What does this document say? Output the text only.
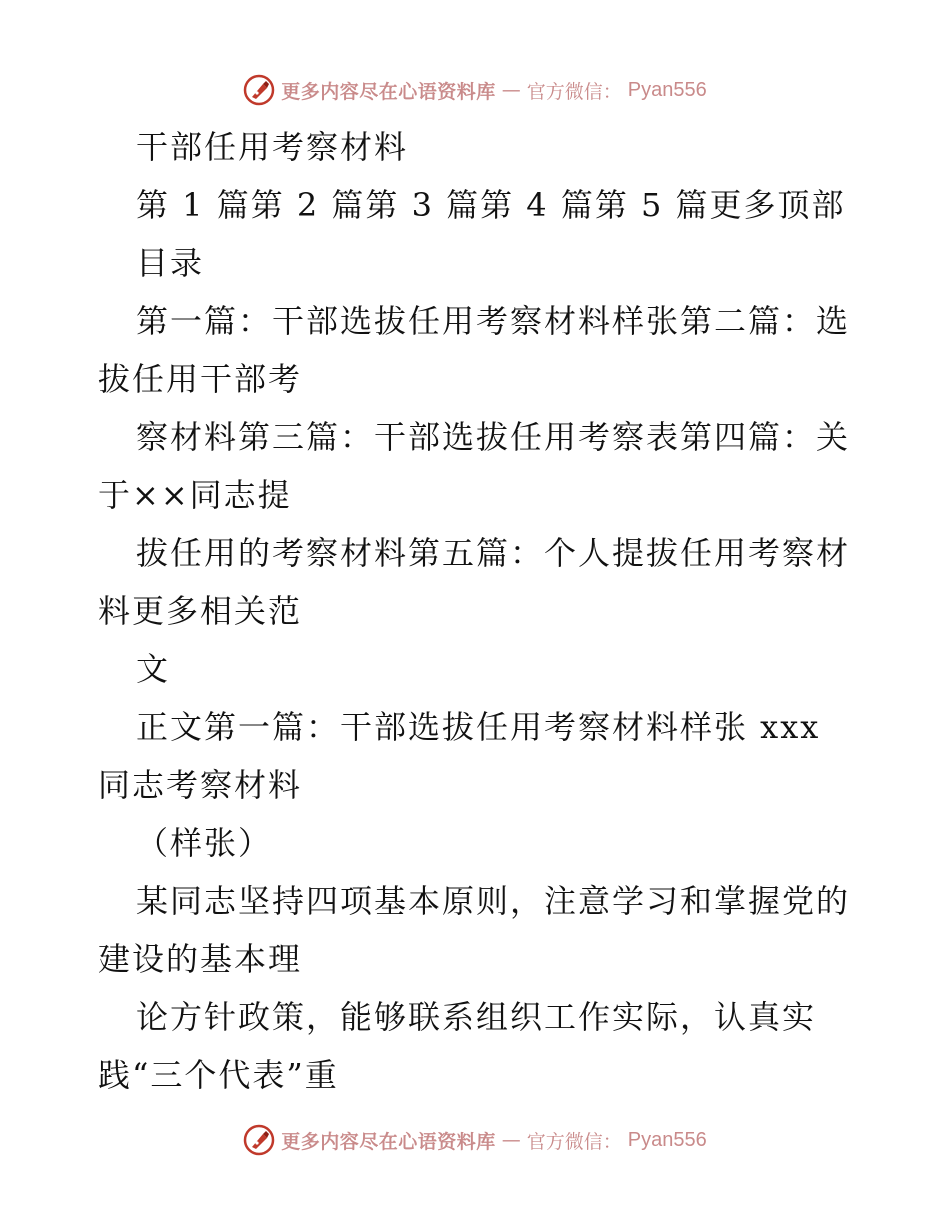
更多内容尽在心语资料库 — 官方微信： Pyan556
干部任用考察材料
第 1 篇第 2 篇第 3 篇第 4 篇第 5 篇更多顶部
目录
第一篇：干部选拔任用考察材料样张第二篇：选
拔任用干部考
察材料第三篇：干部选拔任用考察表第四篇：关
于××同志提
拔任用的考察材料第五篇：个人提拔任用考察材
料更多相关范
文
正文第一篇：干部选拔任用考察材料样张 xxx
同志考察材料
（样张）
某同志坚持四项基本原则，注意学习和掌握党的
建设的基本理
论方针政策，能够联系组织工作实际，认真实
践“三个代表”重
更多内容尽在心语资料库 — 官方微信： Pyan556
